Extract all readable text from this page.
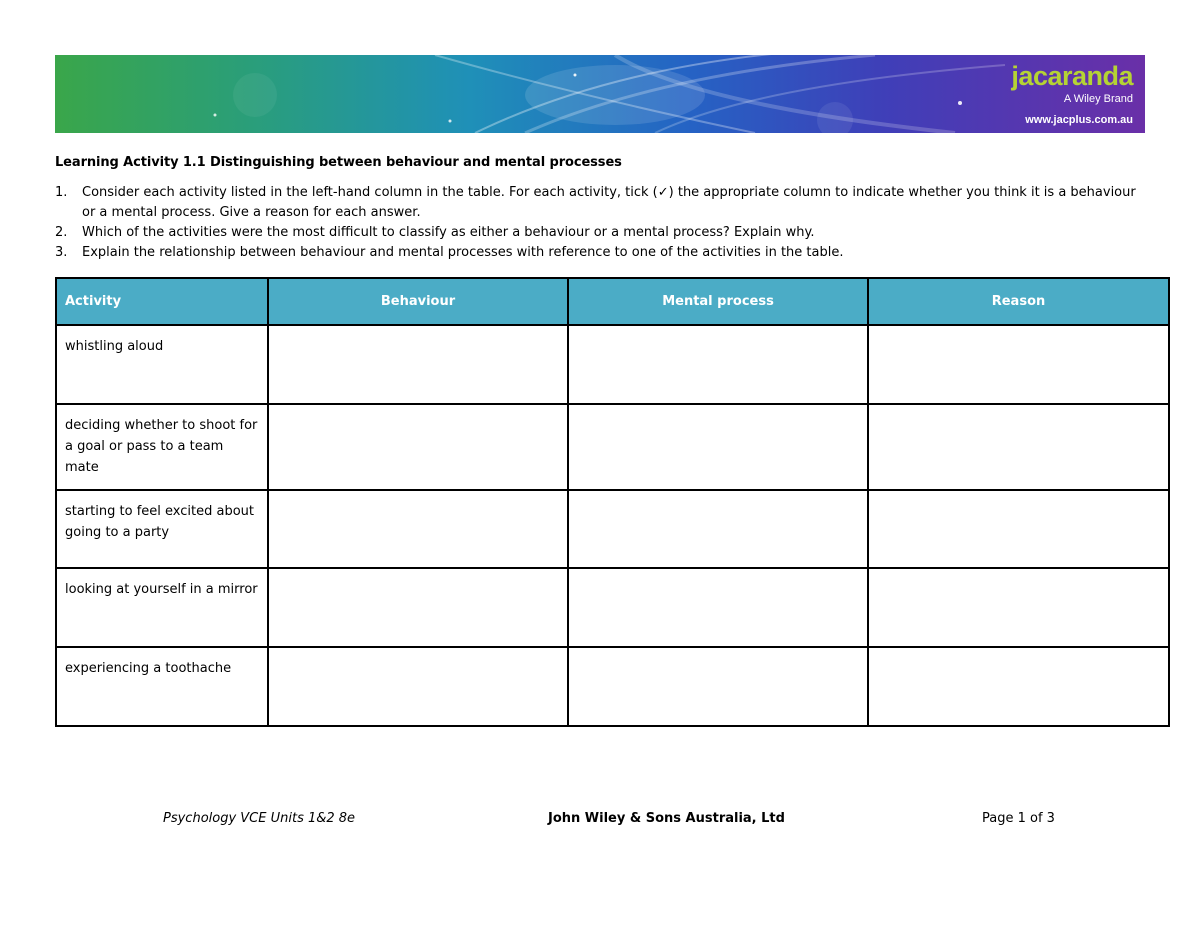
jacaranda
A Wiley Brand
www.jacplus.com.au
Learning Activity 1.1 Distinguishing between behaviour and mental processes
1.	Consider each activity listed in the left-hand column in the table. For each activity, tick (✓) the appropriate column to indicate whether you think it is a behaviour or a mental process. Give a reason for each answer.
2.	Which of the activities were the most difficult to classify as either a behaviour or a mental process? Explain why.
3.	Explain the relationship between behaviour and mental processes with reference to one of the activities in the table.
Activity	Behaviour	Mental process	Reason
whistling aloud			
deciding whether to shoot for a goal or pass to a team mate			
starting to feel excited about going to a party			
looking at yourself in a mirror			
experiencing a toothache			
Psychology VCE Units 1&2 8e	John Wiley & Sons Australia, Ltd	Page 1 of 3
